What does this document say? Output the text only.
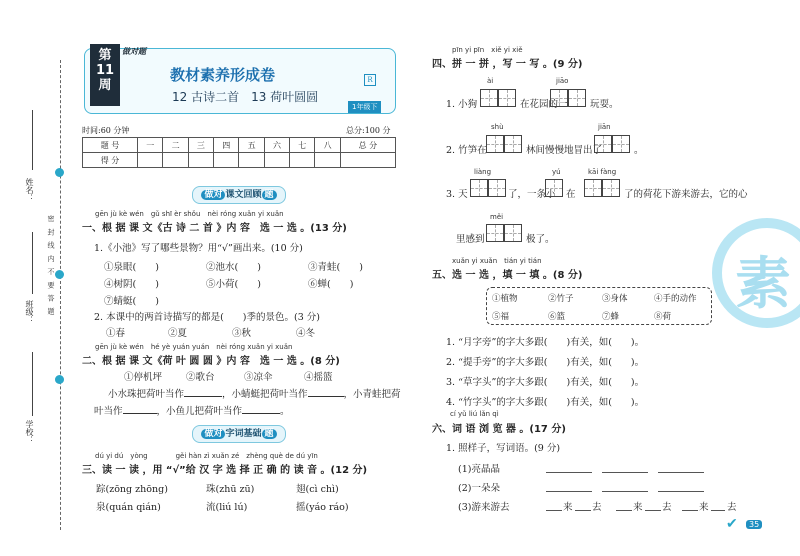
姓名：
班级：
学校：
密 封 线 内 不 要 答 题
第
11
周
做对题
教材素养形成卷
12 古诗二首　13 荷叶圆圆
R
1年级下
时间:60 分钟	总分:100 分
题 号	一	二	三	四	五	六	七	八	总 分
得 分									
做对 课文回顾 题
gēn jù kè wén　gǔ shī èr shǒu　nèi róng xuǎn yi xuǎn
一、根 据 课 文《古 诗 二 首 》内 容　选 一 选 。(13 分)
1.《小池》写了哪些景物？用“√”画出来。(10 分)
①泉眼(　　)	②池水(　　)	③青蛙(　　)
④树阴(　　)	⑤小荷(　　)	⑥蝉(　　)
⑦蜻蜓(　　)
2. 本课中的两首诗描写的都是(　　)季的景色。(3 分)
①春	②夏	③秋	④冬
gēn jù kè wén　hé yè yuán yuán　nèi róng xuǎn yi xuǎn
二、根 据 课 文《荷 叶 圆 圆 》内 容　选 一 选 。(8 分)
①停机坪	②歌台	③凉伞	④摇篮
小水珠把荷叶当作	，小蜻蜓把荷叶当作	，小青蛙把荷
叶当作	，小鱼儿把荷叶当作	。
做对 字词基础 题
dú yi dú　yòng　　　　gěi hàn zì xuǎn zé　zhèng què de dú yīn
三、读 一 读 ，用 “√”给 汉 字 选 择 正 确 的 读 音 。(12 分)
踪(zōng zhōng)	珠(zhū zū)	翅(cì chì)
泉(quán qián)	流(liú lú)	摇(yáo ráo)
素
pīn yi pīn　xiě yi xiě
四、拼 一 拼 ，写 一 写 。(9 分)
ài	jiāo
1. 小狗	在花园的一 玩耍。
shù	jiān
2. 竹笋在	林间慢慢地冒出了	。
liàng	yú	kāi fàng
3. 天	了，一条小 在	了的荷花下游来游去，它的心
měi
里感到	极了。
xuǎn yi xuǎn　tián yi tián
五、选 一 选 ，填 一 填 。(8 分)
①植物	②竹子	③身体	④手的动作
⑤福	⑥篮	⑦蜂	⑧荷
1. “月字旁”的字大多跟(　　)有关，如(　　)。
2. “提手旁”的字大多跟(　　)有关，如(　　)。
3. “草字头”的字大多跟(　　)有关，如(　　)。
4. “竹字头”的字大多跟(　　)有关，如(　　)。
cí yǔ liú lǎn qì
六、词 语 浏 览 器 。(17 分)
1. 照样子，写词语。(9 分)
(1)亮晶晶
(2)一朵朵
(3)游来游去	来 去	来 去	来 去
✔	35
